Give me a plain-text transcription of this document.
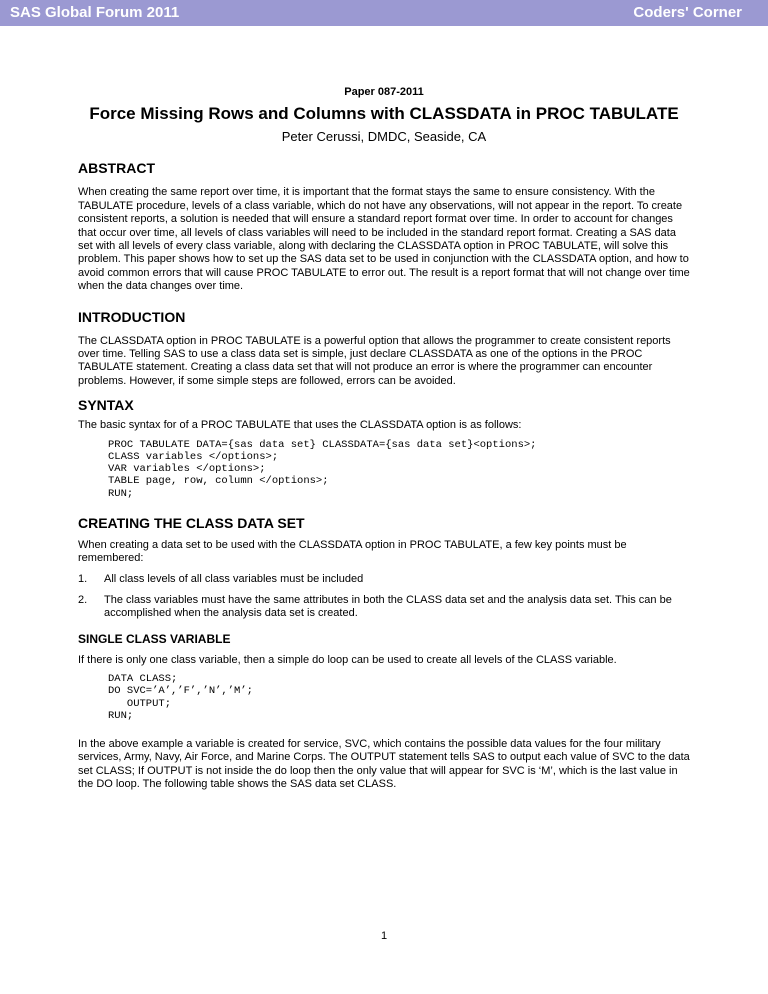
SAS Global Forum 2011	Coders' Corner

Paper 087-2011

Force Missing Rows and Columns with CLASSDATA in PROC TABULATE
Peter Cerussi, DMDC, Seaside, CA
ABSTRACT

When creating the same report over time, it is important that the format stays the same to ensure consistency. With the TABULATE procedure, levels of a class variable, which do not have any observations, will not appear in the report. To create consistent reports, a solution is needed that will ensure a standard report format over time. In order to account for changes that occur over time, all levels of class variables will need to be included in the standard report format. Creating a SAS data set with all levels of every class variable, along with declaring the CLASSDATA option in PROC TABULATE, will solve this problem. This paper shows how to set up the SAS data set to be used in conjunction with the CLASSDATA option, and how to avoid common errors that will cause PROC TABULATE to error out. The result is a report format that will not change over time when the data changes over time.

INTRODUCTION

The CLASSDATA option in PROC TABULATE is a powerful option that allows the programmer to create consistent reports over time. Telling SAS to use a class data set is simple, just declare CLASSDATA as one of the options in the PROC TABULATE statement. Creating a class data set that will not produce an error is where the programmer can encounter problems. However, if some simple steps are followed, errors can be avoided.

SYNTAX

The basic syntax for of a PROC TABULATE that uses the CLASSDATA option is as follows:

PROC TABULATE DATA={sas data set} CLASSDATA={sas data set}<options>;
CLASS variables </options>;
VAR variables </options>;
TABLE page, row, column </options>;
RUN;
CREATING THE CLASS DATA SET

When creating a data set to be used with the CLASSDATA option in PROC TABULATE, a few key points must be remembered:

1. All class levels of all class variables must be included
2. The class variables must have the same attributes in both the CLASS data set and the analysis data set. This can be accomplished when the analysis data set is created.
SINGLE CLASS VARIABLE

If there is only one class variable, then a simple do loop can be used to create all levels of the CLASS variable.

DATA CLASS;
DO SVC=’A’,’F’,’N’,’M’;
OUTPUT;
RUN;

In the above example a variable is created for service, SVC, which contains the possible data values for the four military services, Army, Navy, Air Force, and Marine Corps. The OUTPUT statement tells SAS to output each value of SVC to the data set CLASS; If OUTPUT is not inside the do loop then the only value that will appear for SVC is ‘M’, which is the last value in the DO loop. The following table shows the SAS data set CLASS.

1
